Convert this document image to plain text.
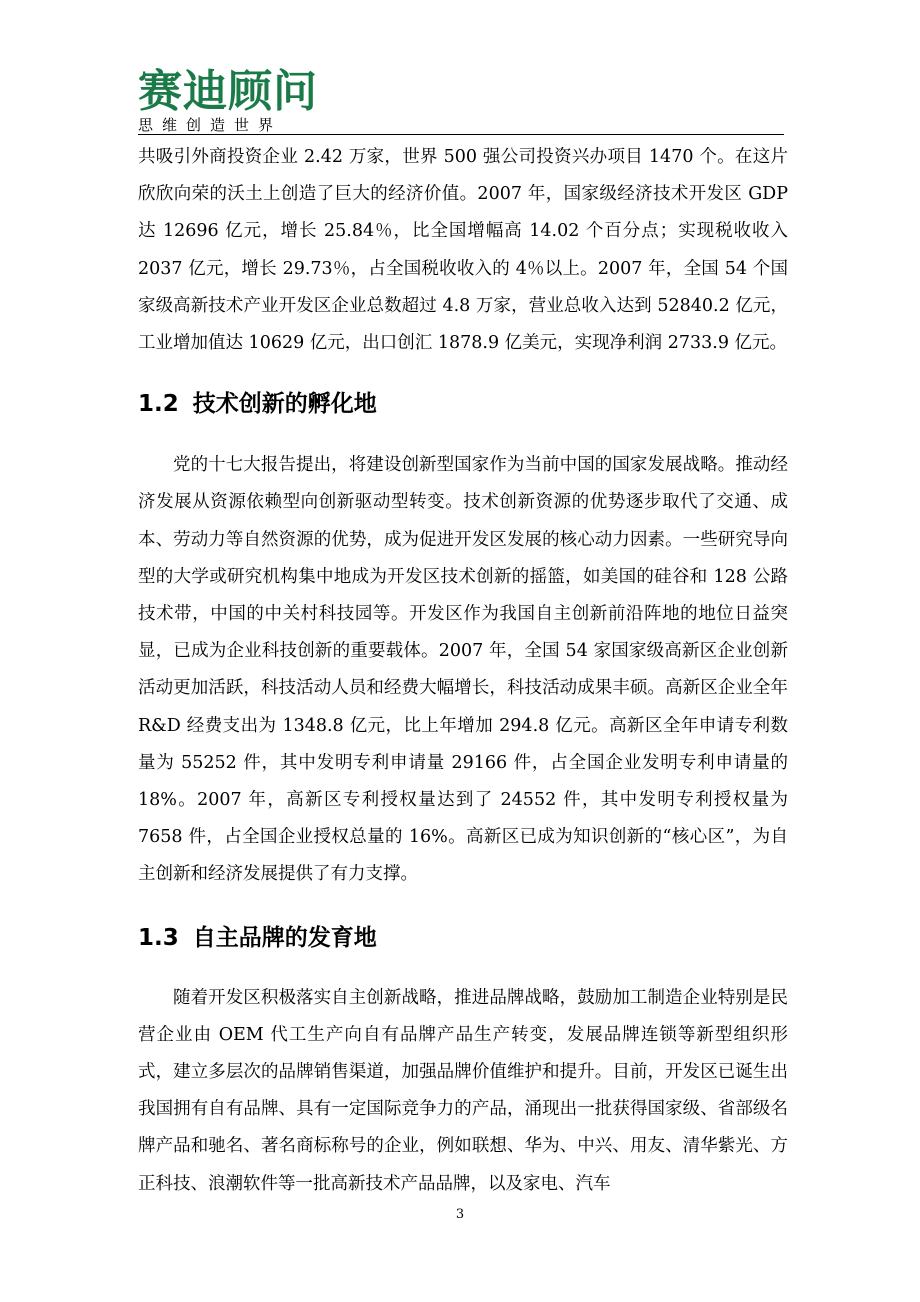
赛迪顾问
思维创造世界

共吸引外商投资企业 2.42 万家，世界 500 强公司投资兴办项目 1470 个。在这片欣欣向荣的沃土上创造了巨大的经济价值。2007 年，国家级经济技术开发区 GDP 达 12696 亿元，增长 25.84％，比全国增幅高 14.02 个百分点；实现税收收入 2037 亿元，增长 29.73％，占全国税收收入的 4％以上。2007 年，全国 54 个国家级高新技术产业开发区企业总数超过 4.8 万家，营业总收入达到 52840.2 亿元，工业增加值达 10629 亿元，出口创汇 1878.9 亿美元，实现净利润 2733.9 亿元。

1.2 技术创新的孵化地

党的十七大报告提出，将建设创新型国家作为当前中国的国家发展战略。推动经济发展从资源依赖型向创新驱动型转变。技术创新资源的优势逐步取代了交通、成本、劳动力等自然资源的优势，成为促进开发区发展的核心动力因素。一些研究导向型的大学或研究机构集中地成为开发区技术创新的摇篮，如美国的硅谷和 128 公路技术带，中国的中关村科技园等。开发区作为我国自主创新前沿阵地的地位日益突显，已成为企业科技创新的重要载体。2007 年，全国 54 家国家级高新区企业创新活动更加活跃，科技活动人员和经费大幅增长，科技活动成果丰硕。高新区企业全年 R&D 经费支出为 1348.8 亿元，比上年增加 294.8 亿元。高新区全年申请专利数量为 55252 件，其中发明专利申请量 29166 件，占全国企业发明专利申请量的 18%。2007 年，高新区专利授权量达到了 24552 件，其中发明专利授权量为 7658 件，占全国企业授权总量的 16%。高新区已成为知识创新的“核心区”，为自主创新和经济发展提供了有力支撑。

1.3 自主品牌的发育地

随着开发区积极落实自主创新战略，推进品牌战略，鼓励加工制造企业特别是民营企业由 OEM 代工生产向自有品牌产品生产转变，发展品牌连锁等新型组织形式，建立多层次的品牌销售渠道，加强品牌价值维护和提升。目前，开发区已诞生出我国拥有自有品牌、具有一定国际竞争力的产品，涌现出一批获得国家级、省部级名牌产品和驰名、著名商标称号的企业，例如联想、华为、中兴、用友、清华紫光、方正科技、浪潮软件等一批高新技术产品品牌，以及家电、汽车

3
